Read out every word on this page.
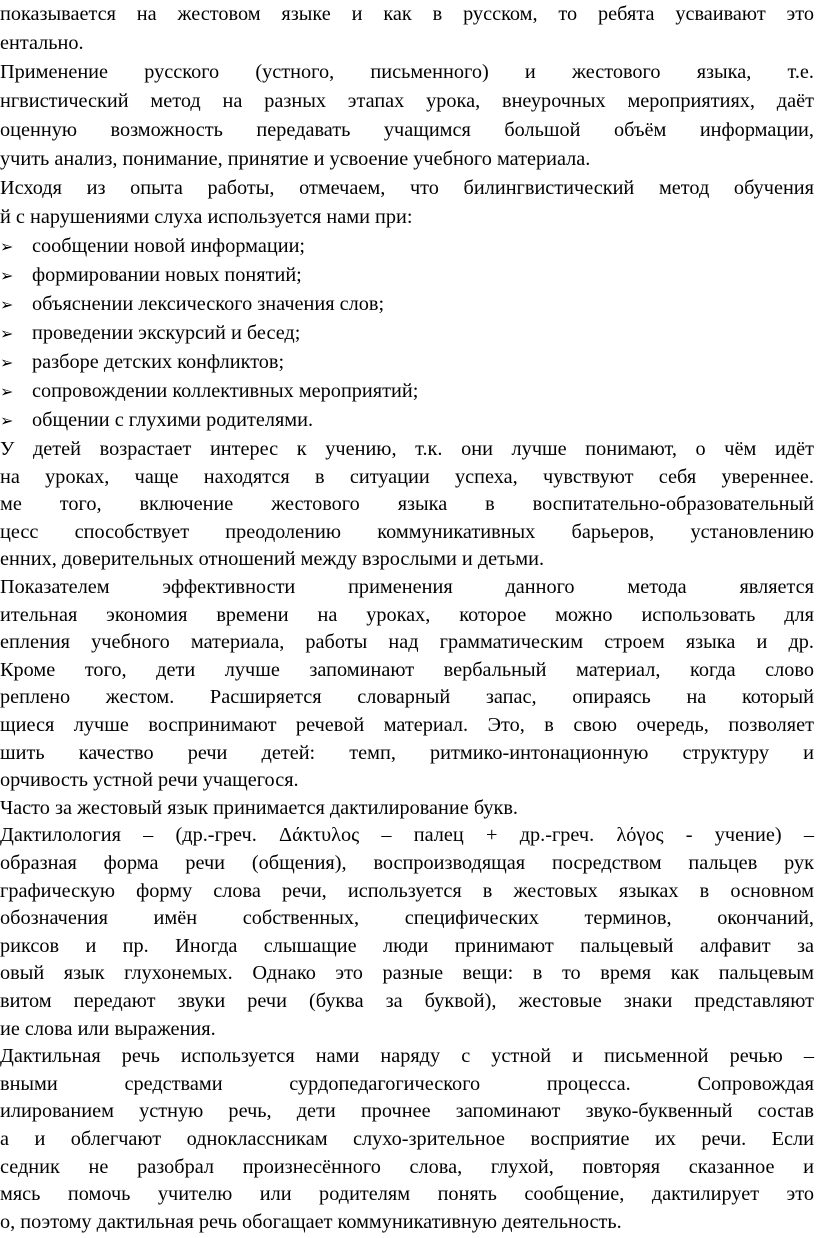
показывается на жестовом языке и как в русском, то ребята усваивают это
ентально.
Применение русского (устного, письменного) и жестового языка, т.е.
нгвистический метод на разных этапах урока, внеурочных мероприятиях, даёт
оценную возможность передавать учащимся большой объём информации,
учить анализ, понимание, принятие и усвоение учебного материала.
Исходя из опыта работы, отмечаем, что билингвистический метод обучения
й с нарушениями слуха используется нами при:
➢ сообщении новой информации;
➢ формировании новых понятий;
➢ объяснении лексического значения слов;
➢ проведении экскурсий и бесед;
➢ разборе детских конфликтов;
➢ сопровождении коллективных мероприятий;
➢ общении с глухими родителями.
У детей возрастает интерес к учению, т.к. они лучше понимают, о чём идёт
на уроках, чаще находятся в ситуации успеха, чувствуют себя увереннее.
ме того, включение жестового языка в воспитательно-образовательный
цесс способствует преодолению коммуникативных барьеров, установлению
енних, доверительных отношений между взрослыми и детьми.
Показателем эффективности применения данного метода является
ительная экономия времени на уроках, которое можно использовать для
епления учебного материала, работы над грамматическим строем языка и др.
Кроме того, дети лучше запоминают вербальный материал, когда слово
реплено жестом. Расширяется словарный запас, опираясь на который
щиеся лучше воспринимают речевой материал. Это, в свою очередь, позволяет
шить качество речи детей: темп, ритмико-интонационную структуру и
орчивость устной речи учащегося.
Часто за жестовый язык принимается дактилирование букв.
Дактилология – (др.-греч. Δάκτυλος – палец + др.-греч. λόγος - учение) –
образная форма речи (общения), воспроизводящая посредством пальцев рук
графическую форму слова речи, используется в жестовых языках в основном
обозначения имён собственных, специфических терминов, окончаний,
риксов и пр. Иногда слышащие люди принимают пальцевый алфавит за
овый язык глухонемых. Однако это разные вещи: в то время как пальцевым
витом передают звуки речи (буква за буквой), жестовые знаки представляют
ие слова или выражения.
Дактильная речь используется нами наряду с устной и письменной речью –
вными средствами сурдопедагогического процесса. Сопровождая
илированием устную речь, дети прочнее запоминают звуко-буквенный состав
а и облегчают одноклассникам слухо-зрительное восприятие их речи. Если
седник не разобрал произнесённого слова, глухой, повторяя сказанное и
мясь помочь учителю или родителям понять сообщение, дактилирует это
о, поэтому дактильная речь обогащает коммуникативную деятельность.
